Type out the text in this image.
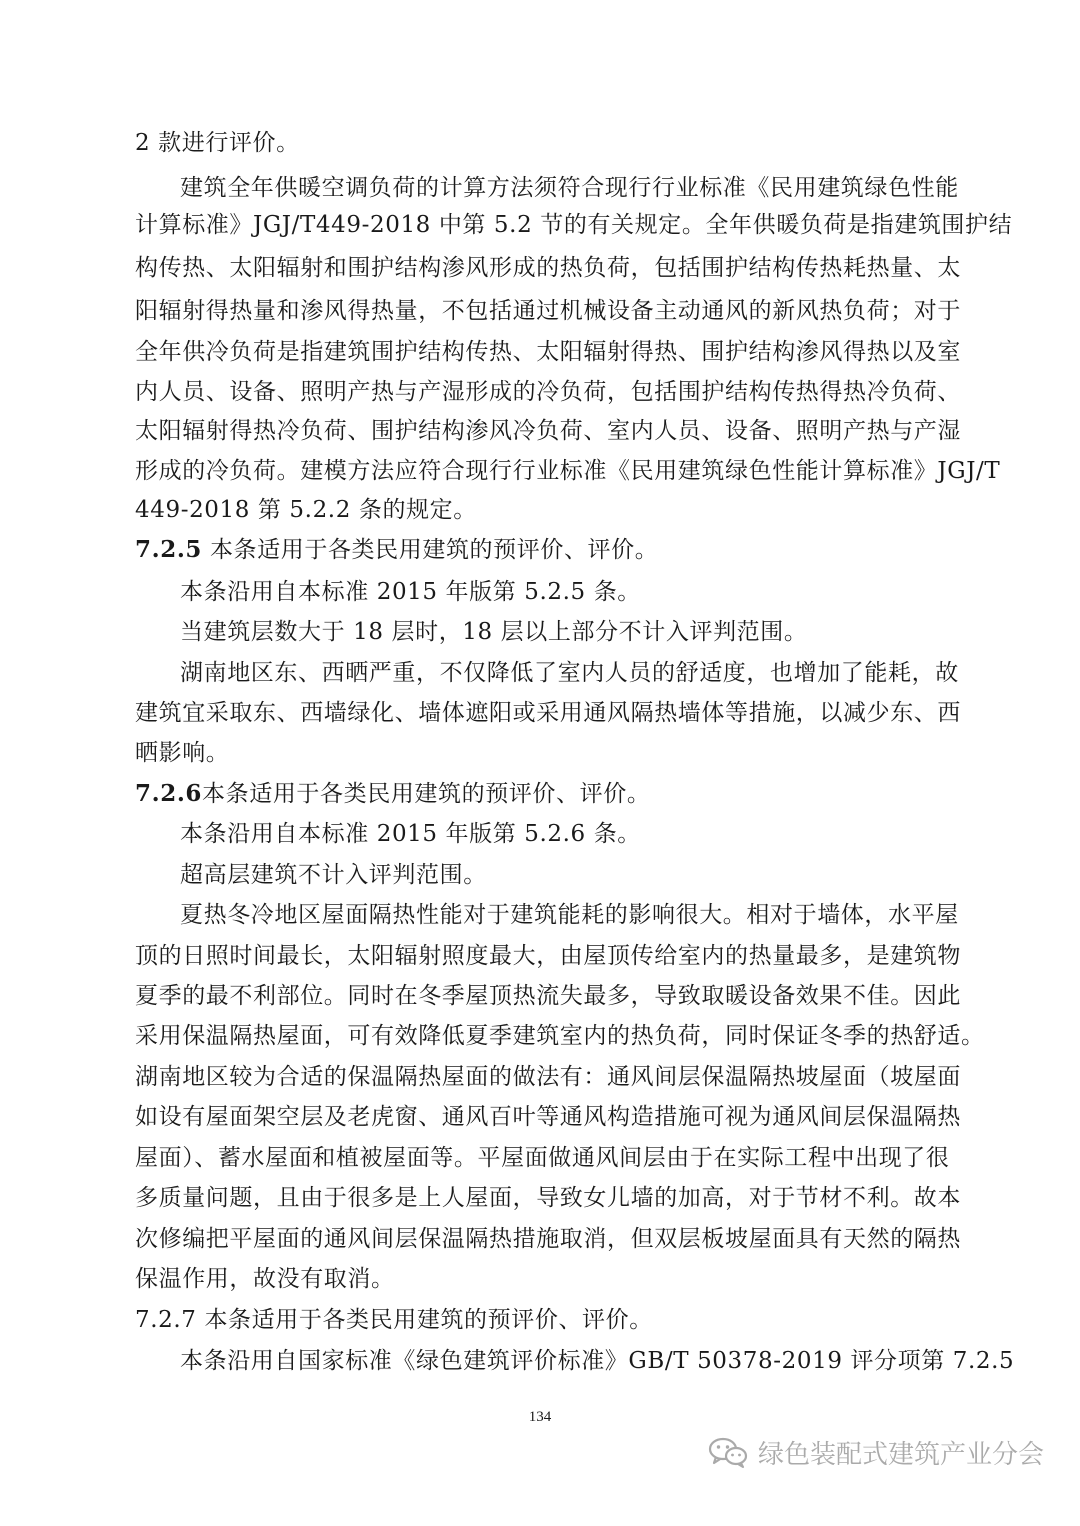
2 款进行评价。
建筑全年供暖空调负荷的计算方法须符合现行行业标准《民用建筑绿色性能
计算标准》JGJ/T449-2018 中第 5.2 节的有关规定。全年供暖负荷是指建筑围护结
构传热、太阳辐射和围护结构渗风形成的热负荷，包括围护结构传热耗热量、太
阳辐射得热量和渗风得热量，不包括通过机械设备主动通风的新风热负荷；对于
全年供冷负荷是指建筑围护结构传热、太阳辐射得热、围护结构渗风得热以及室
内人员、设备、照明产热与产湿形成的冷负荷，包括围护结构传热得热冷负荷、
太阳辐射得热冷负荷、围护结构渗风冷负荷、室内人员、设备、照明产热与产湿
形成的冷负荷。建模方法应符合现行行业标准《民用建筑绿色性能计算标准》JGJ/T
449-2018 第 5.2.2 条的规定。
7.2.5 本条适用于各类民用建筑的预评价、评价。
本条沿用自本标准 2015 年版第 5.2.5 条。
当建筑层数大于 18 层时，18 层以上部分不计入评判范围。
湖南地区东、西晒严重，不仅降低了室内人员的舒适度，也增加了能耗，故
建筑宜采取东、西墙绿化、墙体遮阳或采用通风隔热墙体等措施，以减少东、西
晒影响。
7.2.6本条适用于各类民用建筑的预评价、评价。
本条沿用自本标准 2015 年版第 5.2.6 条。
超高层建筑不计入评判范围。
夏热冬冷地区屋面隔热性能对于建筑能耗的影响很大。相对于墙体，水平屋
顶的日照时间最长，太阳辐射照度最大，由屋顶传给室内的热量最多，是建筑物
夏季的最不利部位。同时在冬季屋顶热流失最多，导致取暖设备效果不佳。因此
采用保温隔热屋面，可有效降低夏季建筑室内的热负荷，同时保证冬季的热舒适。
湖南地区较为合适的保温隔热屋面的做法有：通风间层保温隔热坡屋面（坡屋面
如设有屋面架空层及老虎窗、通风百叶等通风构造措施可视为通风间层保温隔热
屋面）、蓄水屋面和植被屋面等。平屋面做通风间层由于在实际工程中出现了很
多质量问题，且由于很多是上人屋面，导致女儿墙的加高，对于节材不利。故本
次修编把平屋面的通风间层保温隔热措施取消，但双层板坡屋面具有天然的隔热
保温作用，故没有取消。
7.2.7 本条适用于各类民用建筑的预评价、评价。
本条沿用自国家标准《绿色建筑评价标准》GB/T 50378-2019 评分项第 7.2.5
134
绿色装配式建筑产业分会
